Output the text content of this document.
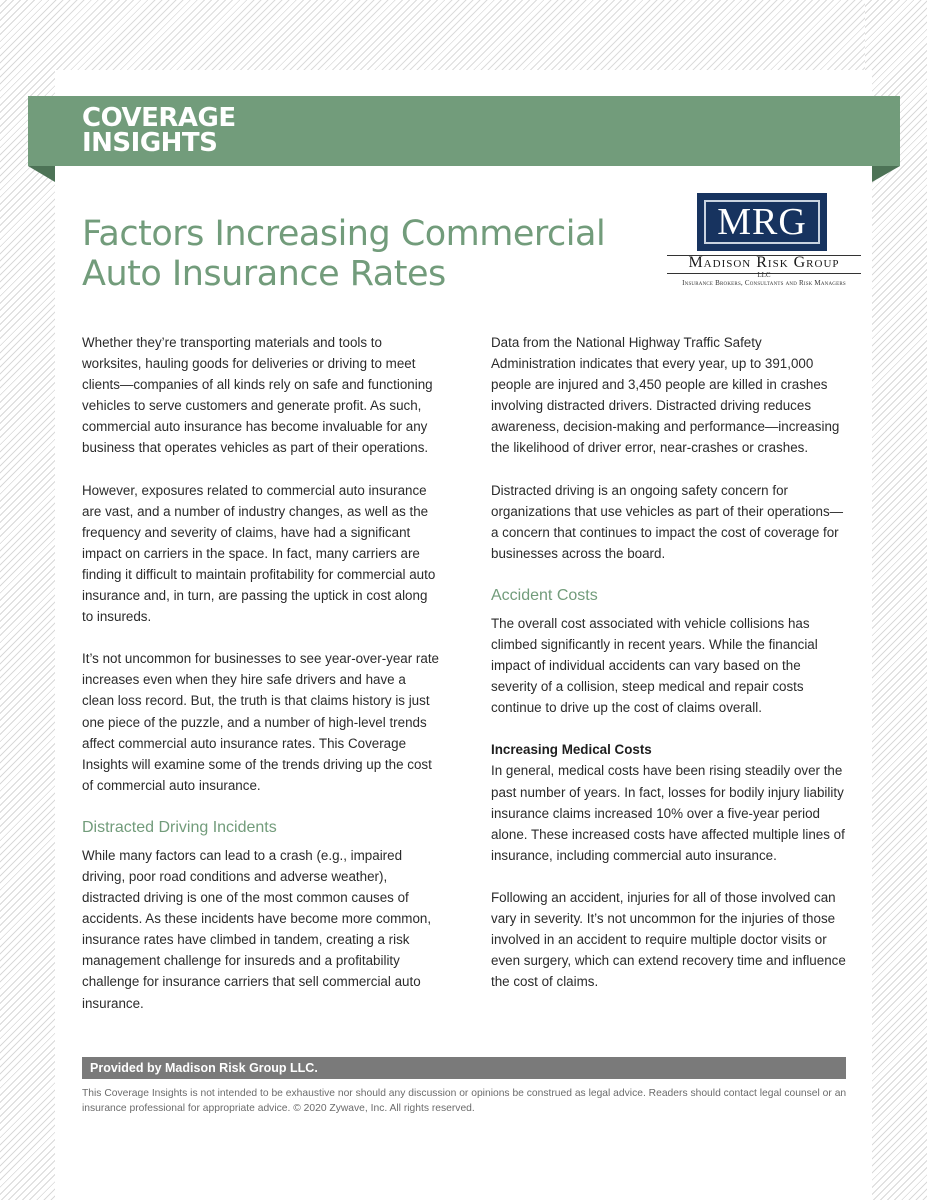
COVERAGE
INSIGHTS
Factors Increasing Commercial Auto Insurance Rates
MRG
Madison Risk Group
LLC
Insurance Brokers, Consultants and Risk Managers

Whether they’re transporting materials and tools to worksites, hauling goods for deliveries or driving to meet clients—companies of all kinds rely on safe and functioning vehicles to serve customers and generate profit. As such, commercial auto insurance has become invaluable for any business that operates vehicles as part of their operations.

However, exposures related to commercial auto insurance are vast, and a number of industry changes, as well as the frequency and severity of claims, have had a significant impact on carriers in the space. In fact, many carriers are finding it difficult to maintain profitability for commercial auto insurance and, in turn, are passing the uptick in cost along to insureds.

It’s not uncommon for businesses to see year-over-year rate increases even when they hire safe drivers and have a clean loss record. But, the truth is that claims history is just one piece of the puzzle, and a number of high-level trends affect commercial auto insurance rates. This Coverage Insights will examine some of the trends driving up the cost of commercial auto insurance.

Distracted Driving Incidents

While many factors can lead to a crash (e.g., impaired driving, poor road conditions and adverse weather), distracted driving is one of the most common causes of accidents. As these incidents have become more common, insurance rates have climbed in tandem, creating a risk management challenge for insureds and a profitability challenge for insurance carriers that sell commercial auto insurance.

Data from the National Highway Traffic Safety Administration indicates that every year, up to 391,000 people are injured and 3,450 people are killed in crashes involving distracted drivers. Distracted driving reduces awareness, decision-making and performance—increasing the likelihood of driver error, near-crashes or crashes.

Distracted driving is an ongoing safety concern for organizations that use vehicles as part of their operations—a concern that continues to impact the cost of coverage for businesses across the board.

Accident Costs

The overall cost associated with vehicle collisions has climbed significantly in recent years. While the financial impact of individual accidents can vary based on the severity of a collision, steep medical and repair costs continue to drive up the cost of claims overall.

Increasing Medical Costs

In general, medical costs have been rising steadily over the past number of years. In fact, losses for bodily injury liability insurance claims increased 10% over a five-year period alone. These increased costs have affected multiple lines of insurance, including commercial auto insurance.

Following an accident, injuries for all of those involved can vary in severity. It’s not uncommon for the injuries of those involved in an accident to require multiple doctor visits or even surgery, which can extend recovery time and influence the cost of claims.

Provided by Madison Risk Group LLC.
This Coverage Insights is not intended to be exhaustive nor should any discussion or opinions be construed as legal advice. Readers should contact legal counsel or an insurance professional for appropriate advice. © 2020 Zywave, Inc. All rights reserved.
